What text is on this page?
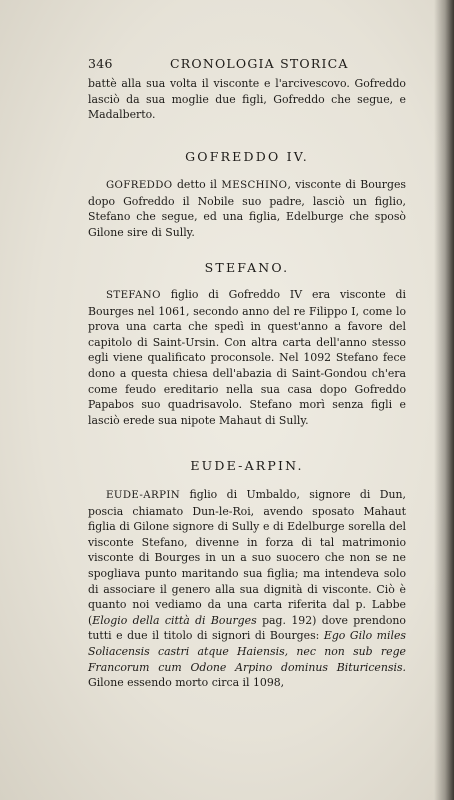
346	CRONOLOGIA STORICA
battè alla sua volta il visconte e l'arcivescovo. Gofreddo lasciò da sua moglie due figli, Gofreddo che segue, e Madalberto.
GOFREDDO IV.
GOFREDDO detto il MESCHINO, visconte di Bourges dopo Gofreddo il Nobile suo padre, lasciò un figlio, Stefano che segue, ed una figlia, Edelburge che sposò Gilone sire di Sully.
STEFANO.
STEFANO figlio di Gofreddo IV era visconte di Bourges nel 1061, secondo anno del re Filippo I, come lo prova una carta che spedì in quest'anno a favore del capitolo di Saint-Ursin. Con altra carta dell'anno stesso egli viene qualificato proconsole. Nel 1092 Stefano fece dono a questa chiesa dell'abazia di Saint-Gondou ch'era come feudo ereditario nella sua casa dopo Gofreddo Papabos suo quadrisavolo. Stefano morì senza figli e lasciò erede sua nipote Mahaut di Sully.
EUDE-ARPIN.
EUDE-ARPIN figlio di Umbaldo, signore di Dun, poscia chiamato Dun-le-Roi, avendo sposato Mahaut figlia di Gilone signore di Sully e di Edelburge sorella del visconte Stefano, divenne in forza di tal matrimonio visconte di Bourges in un a suo suocero che non se ne spogliava punto maritando sua figlia; ma intendeva solo di associare il genero alla sua dignità di visconte. Ciò è quanto noi vediamo da una carta riferita dal p. Labbe (Elogio della città di Bourges pag. 192) dove prendono tutti e due il titolo di signori di Bourges: Ego Gilo miles Soliacensis castri atque Haiensis, nec non sub rege Francorum cum Odone Arpino dominus Bituricensis. Gilone essendo morto circa il 1098,
